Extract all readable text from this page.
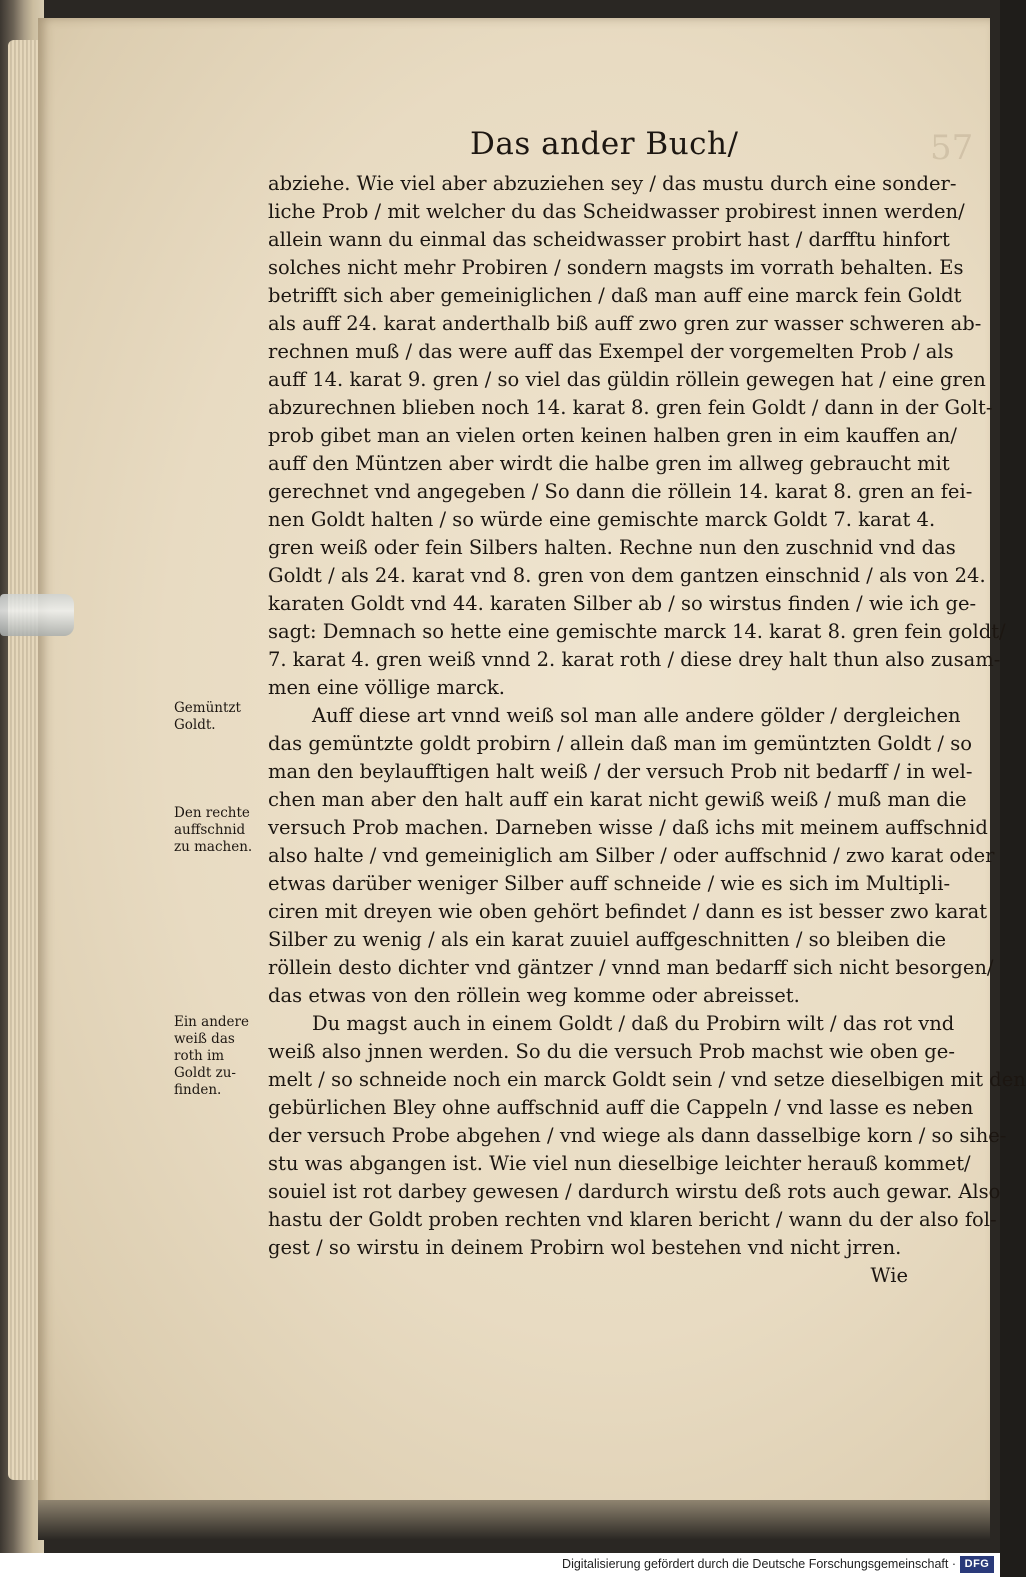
57
Das ander Buch/
abziehe. Wie viel aber abzuziehen sey / das mustu durch eine sonder-
liche Prob / mit welcher du das Scheidwasser probirest innen werden/
allein wann du einmal das scheidwasser probirt hast / darfftu hinfort
solches nicht mehr Probiren / sondern magsts im vorrath behalten. Es
betrifft sich aber gemeiniglichen / daß man auff eine marck fein Goldt
als auff 24. karat anderthalb biß auff zwo gren zur wasser schweren ab-
rechnen muß / das were auff das Exempel der vorgemelten Prob / als
auff 14. karat 9. gren / so viel das güldin röllein gewegen hat / eine gren
abzurechnen blieben noch 14. karat 8. gren fein Goldt / dann in der Golt-
prob gibet man an vielen orten keinen halben gren in eim kauffen an/
auff den Müntzen aber wirdt die halbe gren im allweg gebraucht mit
gerechnet vnd angegeben / So dann die röllein 14. karat 8. gren an fei-
nen Goldt halten / so würde eine gemischte marck Goldt 7. karat 4.
gren weiß oder fein Silbers halten. Rechne nun den zuschnid vnd das
Goldt / als 24. karat vnd 8. gren von dem gantzen einschnid / als von 24.
karaten Goldt vnd 44. karaten Silber ab / so wirstus finden / wie ich ge-
sagt: Demnach so hette eine gemischte marck 14. karat 8. gren fein goldt/
7. karat 4. gren weiß vnnd 2. karat roth / diese drey halt thun also zusam-
men eine völlige marck.
Auff diese art vnnd weiß sol man alle andere gölder / dergleichen
das gemüntzte goldt probirn / allein daß man im gemüntzten Goldt / so
man den beylaufftigen halt weiß / der versuch Prob nit bedarff / in wel-
chen man aber den halt auff ein karat nicht gewiß weiß / muß man die
versuch Prob machen. Darneben wisse / daß ichs mit meinem auffschnid
also halte / vnd gemeiniglich am Silber / oder auffschnid / zwo karat oder
etwas darüber weniger Silber auff schneide / wie es sich im Multipli-
ciren mit dreyen wie oben gehört befindet / dann es ist besser zwo karat
Silber zu wenig / als ein karat zuuiel auffgeschnitten / so bleiben die
röllein desto dichter vnd gäntzer / vnnd man bedarff sich nicht besorgen/
das etwas von den röllein weg komme oder abreisset.
Du magst auch in einem Goldt / daß du Probirn wilt / das rot vnd
weiß also jnnen werden. So du die versuch Prob machst wie oben ge-
melt / so schneide noch ein marck Goldt sein / vnd setze dieselbigen mit den
gebürlichen Bley ohne auffschnid auff die Cappeln / vnd lasse es neben
der versuch Probe abgehen / vnd wiege als dann dasselbige korn / so sihe-
stu was abgangen ist. Wie viel nun dieselbige leichter herauß kommet/
souiel ist rot darbey gewesen / dardurch wirstu deß rots auch gewar. Also
hastu der Goldt proben rechten vnd klaren bericht / wann du der also fol-
gest / so wirstu in deinem Probirn wol bestehen vnd nicht jrren.
Wie
Gemüntzt
Goldt.
Den rechte
auffschnid
zu machen.
Ein andere
weiß das
roth im
Goldt zu-
finden.
Digitalisierung gefördert durch die Deutsche Forschungsgemeinschaft · DFG
